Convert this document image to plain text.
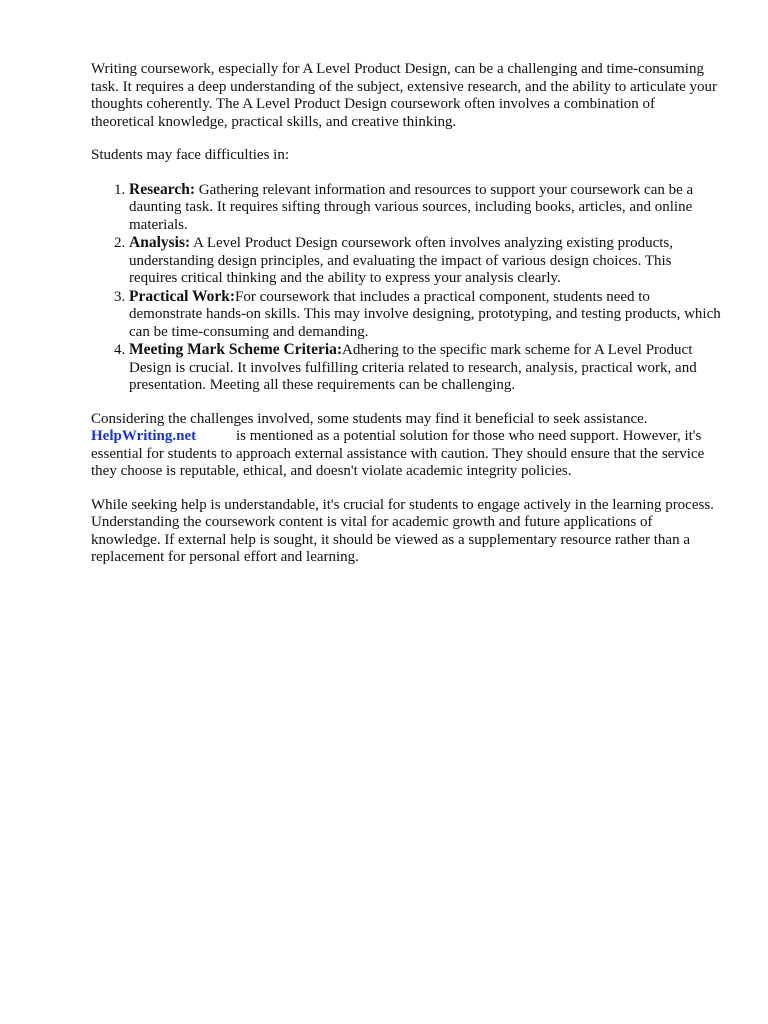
Writing coursework, especially for A Level Product Design, can be a challenging and time-consuming task. It requires a deep understanding of the subject, extensive research, and the ability to articulate your thoughts coherently. The A Level Product Design coursework often involves a combination of theoretical knowledge, practical skills, and creative thinking.

Students may face difficulties in:

1. Research: Gathering relevant information and resources to support your coursework can be a daunting task. It requires sifting through various sources, including books, articles, and online materials.
2. Analysis: A Level Product Design coursework often involves analyzing existing products, understanding design principles, and evaluating the impact of various design choices. This requires critical thinking and the ability to express your analysis clearly.
3. Practical Work:For coursework that includes a practical component, students need to demonstrate hands-on skills. This may involve designing, prototyping, and testing products, which can be time-consuming and demanding.
4. Meeting Mark Scheme Criteria:Adhering to the specific mark scheme for A Level Product Design is crucial. It involves fulfilling criteria related to research, analysis, practical work, and presentation. Meeting all these requirements can be challenging.

Considering the challenges involved, some students may find it beneficial to seek assistance. HelpWriting.net	is mentioned as a potential solution for those who need support. However, it's essential for students to approach external assistance with caution. They should ensure that the service they choose is reputable, ethical, and doesn't violate academic integrity policies.

While seeking help is understandable, it's crucial for students to engage actively in the learning process. Understanding the coursework content is vital for academic growth and future applications of knowledge. If external help is sought, it should be viewed as a supplementary resource rather than a replacement for personal effort and learning.
